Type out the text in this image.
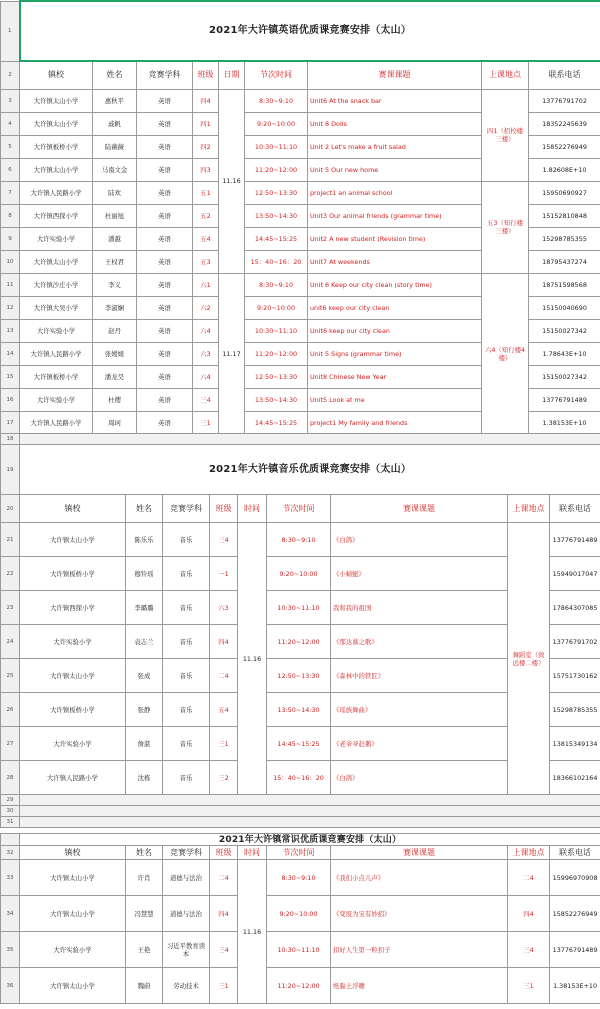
1	2021年大许镇英语优质课竞赛安排（太山）								
2	镇校	姓名	竞赛学科	班级	日期	节次时间	赛课课题	上课地点	联系电话
3	大许镇太山小学	惠秋平	英语	四4	11.16	8:30~9:10	Unit6 At the snack bar	四1（招校楼三楼）	13776791702
4	大许镇太山小学	戚帆	英语	四1		9:20~10:00	Unit 8 Dolls		18352245639
5	大许镇板桥小学	陆薇薇	英语	四2		10:30~11:10	Unit 2 Let's make a fruit salad		15852276949
6	大许镇太山小学	马南文金	英语	四3		11:20~12:00	Unit 5 Our new home		1.82608E+10
7	大许镇人民路小学	陆欢	英语	五1		12:50~13:30	project1 an animal school	五3（知行楼三楼）	15950690927
8	大许镇西探小学	杜丽旭	英语	五2		13:50~14:30	Unit3 Our animal friends (grammar time)		15152810848
9	大许实验小学	潘越	英语	五4		14:45~15:25	Unit2 A new student (Revision time)		15298785355
10	大许镇太山小学	王权君	英语	五3		15：40~16：20	Unit7 At weekends		18795437274
11	大许镇沙庄小学	李义	英语	六1	11.17	8:30~9:10	Unit 6 Keep our city clean (story time)	六4（知行楼4楼）	18751598568
12	大许镇大吴小学	李淑娴	英语	六2		9:20~10:00	unit6 keep our city clean		15150040690
13	大许实验小学	赵丹	英语	六4		10:30~11:10	Unit6 keep our city clean		15150027342
14	大许镇人民路小学	张媛媛	英语	六3		11:20~12:00	Unit 5 Signs (grammar time)		1.78643E+10
15	大许镇板桥小学	潘龙昊	英语	六4		12:50~13:30	Unit8 Chinese New Year		15150027342
16	大许实验小学	杜缨	英语	三4		13:50~14:30	Unit5 Look at me		13776791489
17	大许镇人民路小学	周珂	英语	三1		14:45~15:25	project1 My family and friends		1.38153E+10
18									
19	2021年大许镇音乐优质课竞赛安排（太山）								
20	镇校	姓名	竞赛学科	班级	时间	节次时间	赛课课题	上课地点	联系电话
21	大许镇太山小学	陈乐乐	音乐	三4	11.16	8:30~9:10	《白鸽》	舞蹈室（致远楼二楼）	13776791489
22	大许镇板桥小学	穆铃瑶	音乐	一1		9:20~10:00	《小蜻蜓》		15949017047
23	大许镇西探小学	李璐璐	音乐	六3		10:30~11:10	我和我的祖国		17864307085
24	大许实验小学	袁志兰	音乐	四4		11:20~12:00	《那达慕之歌》		13776791702
25	大许镇太山小学	张成	音乐	二4		12:50~13:30	《森林中的铁匠》		15751730162
26	大许镇板桥小学	张静	音乐	五4		13:50~14:30	《瑶族舞曲》		15298785355
27	大许实验小学	詹湛	音乐	三1		14:45~15:25	《老爷爷赶鹅》		13815349134
28	大许镇人民路小学	沈栋	音乐	三2		15：40~16：20	《白鸽》		18366102164
29									
30									
31									
	2021年大许镇常识优质课竞赛安排（太山）								
32	镇校	姓名	竞赛学科	班级	时间	节次时间	赛课课题	上课地点	联系电话
33	大许镇太山小学	许肖	道德与法治	二4	11.16	8:30~9:10	《我们小点儿声》	二4	15996970908
34	大许镇太山小学	冯慧慧	道德与法治	四4		9:20~10:00	《变废为宝有妙招》	四4	15852276949
35	大许实验小学	王艳	习近平教育读本	三4		10:30~11:10	扣好人生第一粒扣子	三4	13776791489
36	大许镇太山小学	魏蔚	劳动技术	三1		11:20~12:00	纸黏土浮雕	三1	1.38153E+10
